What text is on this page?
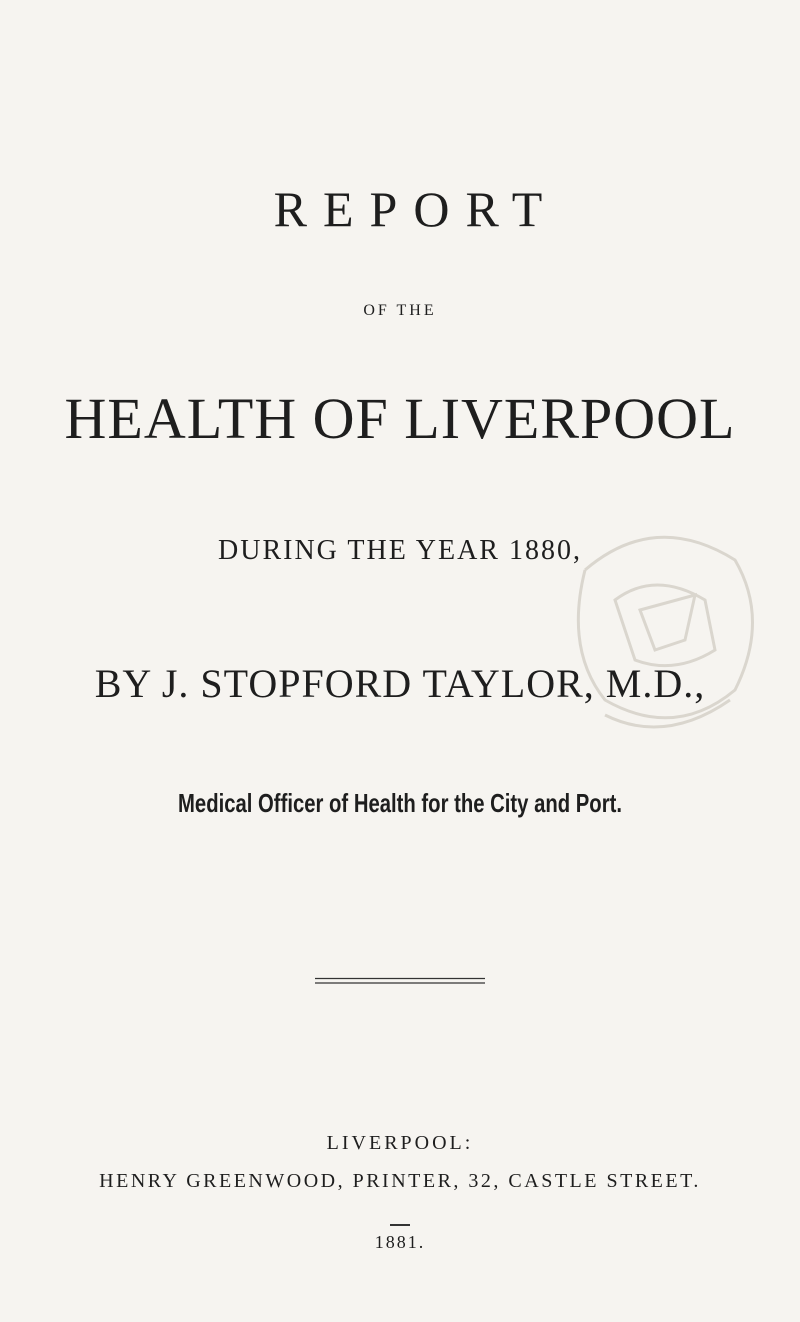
REPORT

OF THE

HEALTH OF LIVERPOOL

DURING THE YEAR 1880,

BY J. STOPFORD TAYLOR, M.D.,

Medical Officer of Health for the City and Port.

LIVERPOOL:

HENRY GREENWOOD, PRINTER, 32, CASTLE STREET.

1881.
